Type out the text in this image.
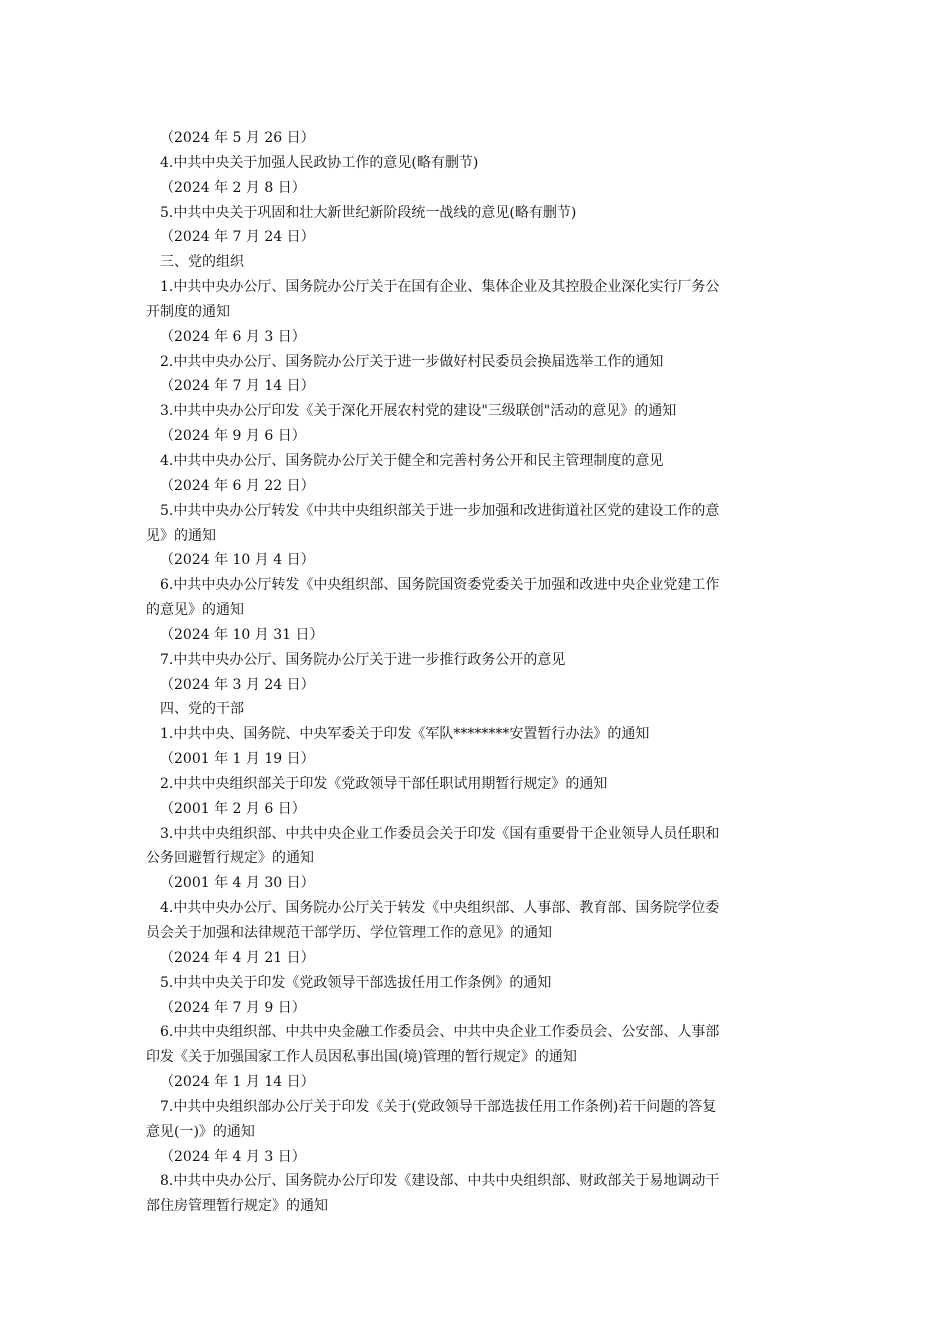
（2024 年 5 月 26 日）
4.中共中央关于加强人民政协工作的意见(略有删节)
（2024 年 2 月 8 日）
5.中共中央关于巩固和壮大新世纪新阶段统一战线的意见(略有删节)
（2024 年 7 月 24 日）
三、党的组织
1.中共中央办公厅、国务院办公厅关于在国有企业、集体企业及其控股企业深化实行厂务公
开制度的通知
（2024 年 6 月 3 日）
2.中共中央办公厅、国务院办公厅关于进一步做好村民委员会换届选举工作的通知
（2024 年 7 月 14 日）
3.中共中央办公厅印发《关于深化开展农村党的建设"三级联创"活动的意见》的通知
（2024 年 9 月 6 日）
4.中共中央办公厅、国务院办公厅关于健全和完善村务公开和民主管理制度的意见
（2024 年 6 月 22 日）
5.中共中央办公厅转发《中共中央组织部关于进一步加强和改进街道社区党的建设工作的意
见》的通知
（2024 年 10 月 4 日）
6.中共中央办公厅转发《中央组织部、国务院国资委党委关于加强和改进中央企业党建工作
的意见》的通知
（2024 年 10 月 31 日）
7.中共中央办公厅、国务院办公厅关于进一步推行政务公开的意见
（2024 年 3 月 24 日）
四、党的干部
1.中共中央、国务院、中央军委关于印发《军队********安置暂行办法》的通知
（2001 年 1 月 19 日）
2.中共中央组织部关于印发《党政领导干部任职试用期暂行规定》的通知
（2001 年 2 月 6 日）
3.中共中央组织部、中共中央企业工作委员会关于印发《国有重要骨干企业领导人员任职和
公务回避暂行规定》的通知
（2001 年 4 月 30 日）
4.中共中央办公厅、国务院办公厅关于转发《中央组织部、人事部、教育部、国务院学位委
员会关于加强和法律规范干部学历、学位管理工作的意见》的通知
（2024 年 4 月 21 日）
5.中共中央关于印发《党政领导干部选拔任用工作条例》的通知
（2024 年 7 月 9 日）
6.中共中央组织部、中共中央金融工作委员会、中共中央企业工作委员会、公安部、人事部
印发《关于加强国家工作人员因私事出国(境)管理的暂行规定》的通知
（2024 年 1 月 14 日）
7.中共中央组织部办公厅关于印发《关于(党政领导干部选拔任用工作条例)若干问题的答复
意见(一)》的通知
（2024 年 4 月 3 日）
8.中共中央办公厅、国务院办公厅印发《建设部、中共中央组织部、财政部关于易地调动干
部住房管理暂行规定》的通知
